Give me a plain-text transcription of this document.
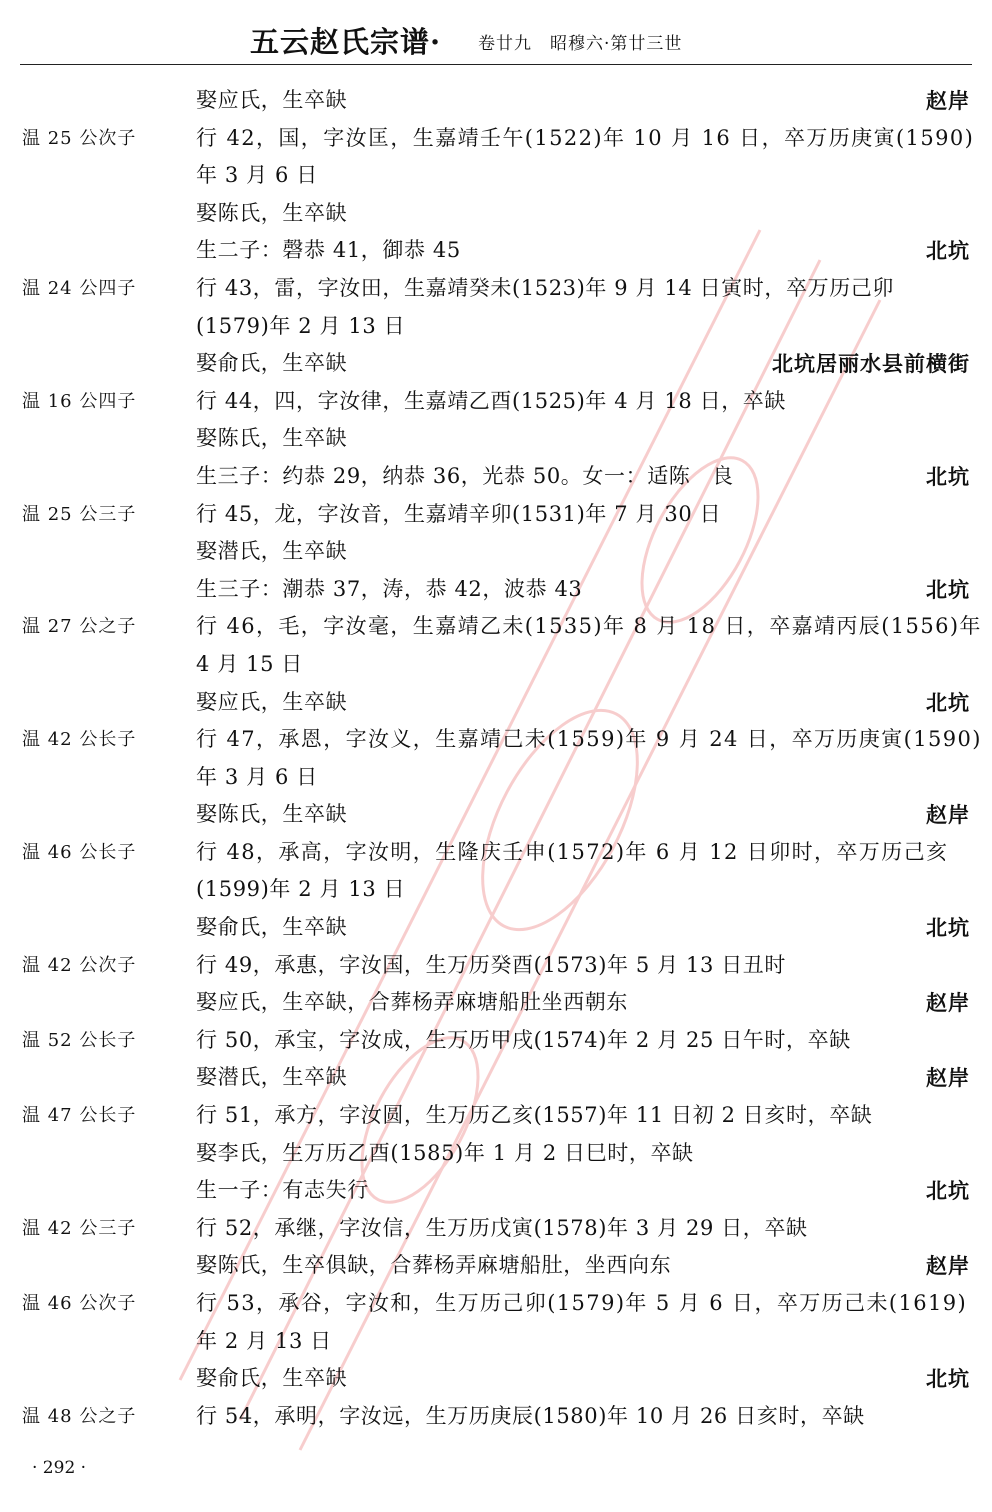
五云赵氏宗谱· 卷廿九　昭穆六·第廿三世
娶应氏，生卒缺	赵岸
温 25 公次子	行 42，国，字汝匡，生嘉靖壬午(1522)年 10 月 16 日，卒万历庚寅(1590)
年 3 月 6 日
娶陈氏，生卒缺
生二子：磬恭 41，御恭 45	北坑
温 24 公四子	行 43，雷，字汝田，生嘉靖癸未(1523)年 9 月 14 日寅时，卒万历己卯
(1579)年 2 月 13 日
娶俞氏，生卒缺	北坑居丽水县前横街
温 16 公四子	行 44，四，字汝律，生嘉靖乙酉(1525)年 4 月 18 日，卒缺
娶陈氏，生卒缺
生三子：约恭 29，纳恭 36，光恭 50。女一：适陈　良	北坑
温 25 公三子	行 45，龙，字汝音，生嘉靖辛卯(1531)年 7 月 30 日
娶潜氏，生卒缺
生三子：潮恭 37，涛，恭 42，波恭 43	北坑
温 27 公之子	行 46，毛，字汝毫，生嘉靖乙未(1535)年 8 月 18 日，卒嘉靖丙辰(1556)年
4 月 15 日
娶应氏，生卒缺	北坑
温 42 公长子	行 47，承恩，字汝义，生嘉靖己未(1559)年 9 月 24 日，卒万历庚寅(1590)
年 3 月 6 日
娶陈氏，生卒缺	赵岸
温 46 公长子	行 48，承高，字汝明，生隆庆壬申(1572)年 6 月 12 日卯时，卒万历己亥
(1599)年 2 月 13 日
娶俞氏，生卒缺	北坑
温 42 公次子	行 49，承惠，字汝国，生万历癸酉(1573)年 5 月 13 日丑时
娶应氏，生卒缺，合葬杨弄麻塘船肚坐西朝东	赵岸
温 52 公长子	行 50，承宝，字汝成，生万历甲戌(1574)年 2 月 25 日午时，卒缺
娶潜氏，生卒缺	赵岸
温 47 公长子	行 51，承方，字汝圆，生万历乙亥(1557)年 11 日初 2 日亥时，卒缺
娶李氏，生万历乙酉(1585)年 1 月 2 日巳时，卒缺
生一子：有志失行	北坑
温 42 公三子	行 52，承继，字汝信，生万历戊寅(1578)年 3 月 29 日，卒缺
娶陈氏，生卒俱缺，合葬杨弄麻塘船肚，坐西向东	赵岸
温 46 公次子	行 53，承谷，字汝和，生万历己卯(1579)年 5 月 6 日，卒万历己未(1619)
年 2 月 13 日
娶俞氏，生卒缺	北坑
温 48 公之子	行 54，承明，字汝远，生万历庚辰(1580)年 10 月 26 日亥时，卒缺
· 292 ·
